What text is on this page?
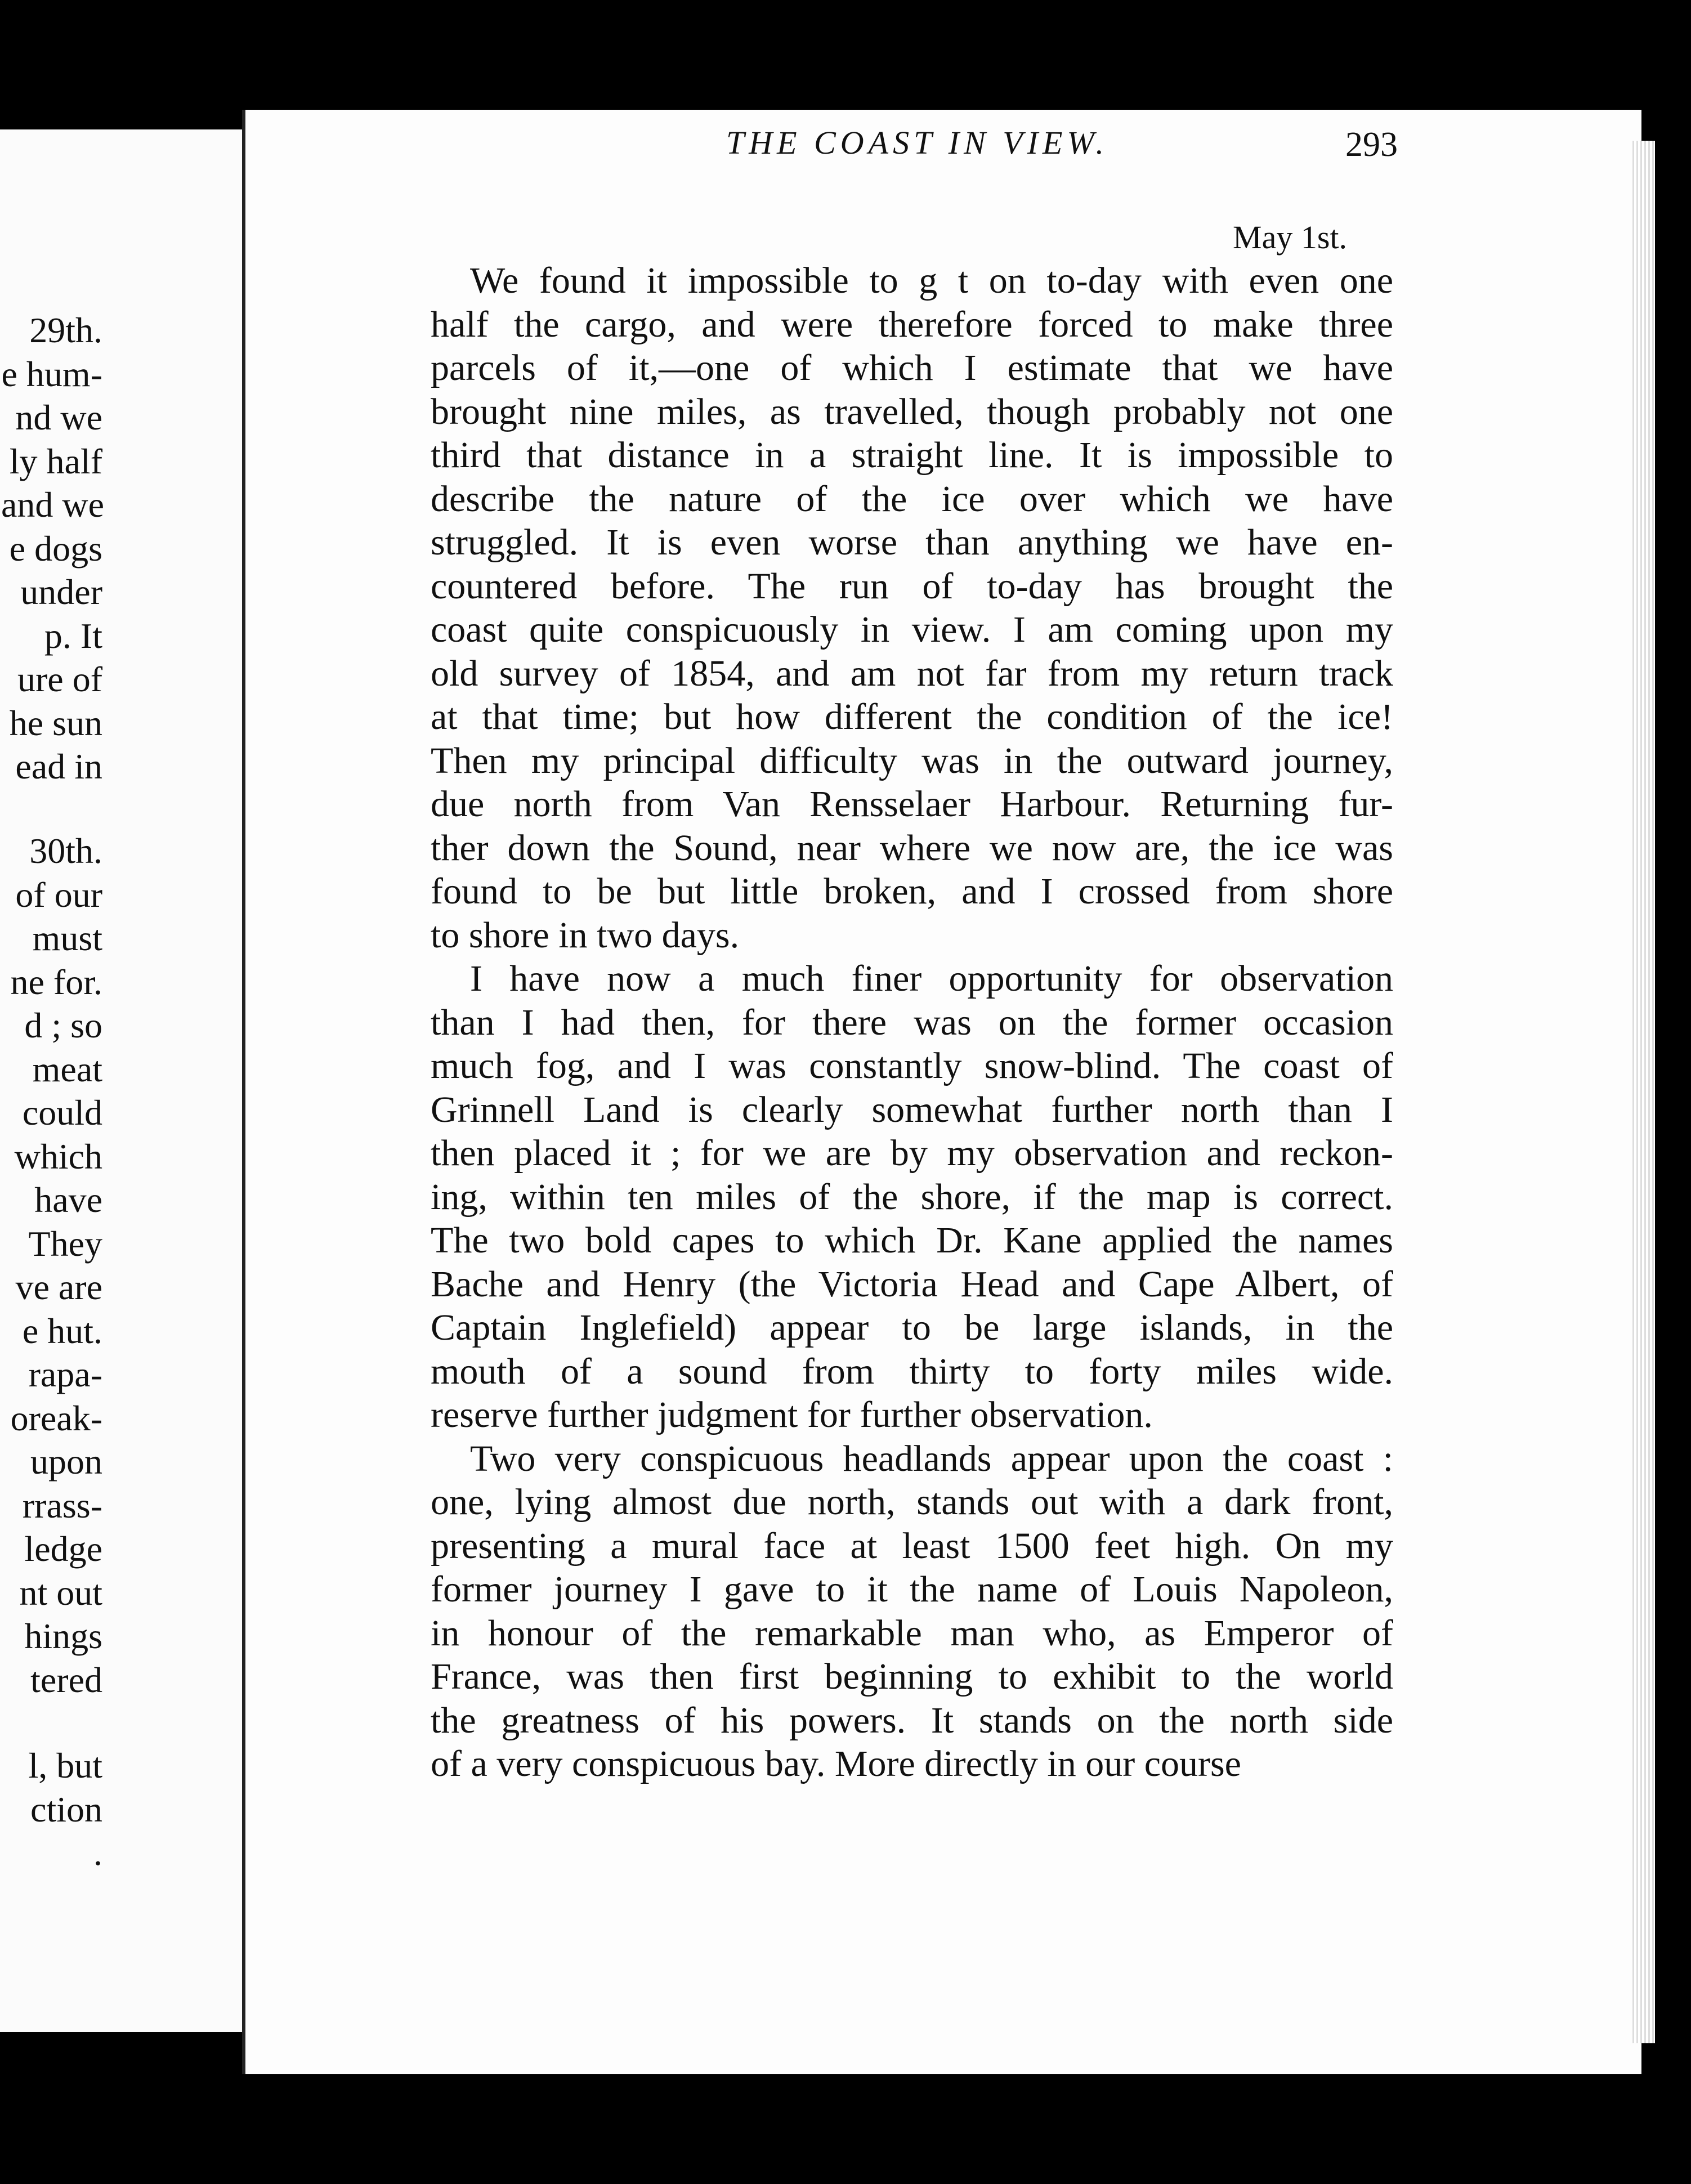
29th.
e hum-
nd we
ly half
and we
e dogs
under
p. It
ure of
he sun
ead in
30th.
of our
must
ne for.
d ; so
meat
could
which
have
They
ve are
e hut.
rapa-
oreak-
upon
rrass-
ledge
nt out
hings
tered
l, but
ction
.
THE COAST IN VIEW.	293
May 1st.
We found it impossible to g t on to-day with even one
half the cargo, and were therefore forced to make three
parcels of it,—one of which I estimate that we have
brought nine miles, as travelled, though probably not one
third that distance in a straight line. It is impossible to
describe the nature of the ice over which we have
struggled. It is even worse than anything we have en-
countered before. The run of to-day has brought the
coast quite conspicuously in view. I am coming upon my
old survey of 1854, and am not far from my return track
at that time; but how different the condition of the ice!
Then my principal difficulty was in the outward journey,
due north from Van Rensselaer Harbour. Returning fur-
ther down the Sound, near where we now are, the ice was
found to be but little broken, and I crossed from shore
to shore in two days.
I have now a much finer opportunity for observation
than I had then, for there was on the former occasion
much fog, and I was constantly snow-blind. The coast of
Grinnell Land is clearly somewhat further north than I
then placed it ; for we are by my observation and reckon-
ing, within ten miles of the shore, if the map is correct.
The two bold capes to which Dr. Kane applied the names
Bache and Henry (the Victoria Head and Cape Albert, of
Captain Inglefield) appear to be large islands, in the
mouth of a sound from thirty to forty miles wide.
reserve further judgment for further observation.
Two very conspicuous headlands appear upon the coast :
one, lying almost due north, stands out with a dark front,
presenting a mural face at least 1500 feet high. On my
former journey I gave to it the name of Louis Napoleon,
in honour of the remarkable man who, as Emperor of
France, was then first beginning to exhibit to the world
the greatness of his powers. It stands on the north side
of a very conspicuous bay. More directly in our course
